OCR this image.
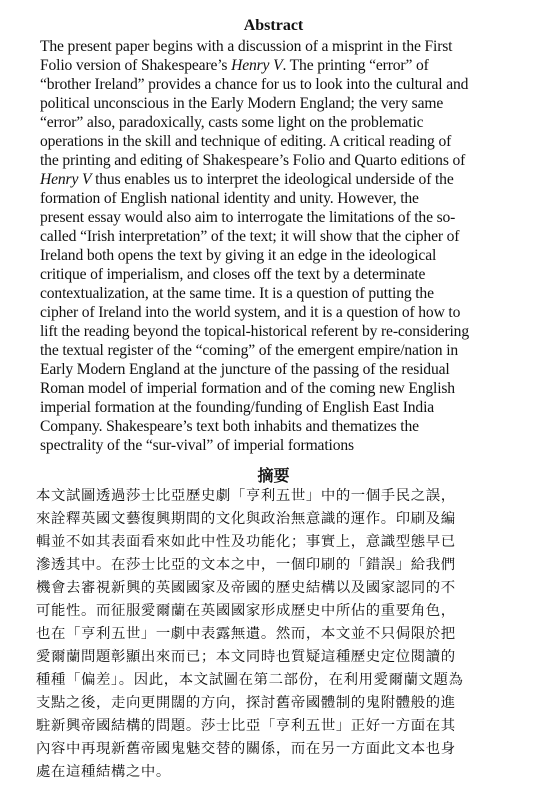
Abstract
The present paper begins with a discussion of a misprint in the First
Folio version of Shakespeare’s Henry V. The printing “error” of
“brother Ireland” provides a chance for us to look into the cultural and
political unconscious in the Early Modern England; the very same
“error” also, paradoxically, casts some light on the problematic
operations in the skill and technique of editing. A critical reading of
the printing and editing of Shakespeare’s Folio and Quarto editions of
Henry V thus enables us to interpret the ideological underside of the
formation of English national identity and unity. However, the
present essay would also aim to interrogate the limitations of the so-
called “Irish interpretation” of the text; it will show that the cipher of
Ireland both opens the text by giving it an edge in the ideological
critique of imperialism, and closes off the text by a determinate
contextualization, at the same time. It is a question of putting the
cipher of Ireland into the world system, and it is a question of how to
lift the reading beyond the topical-historical referent by re-considering
the textual register of the “coming” of the emergent empire/nation in
Early Modern England at the juncture of the passing of the residual
Roman model of imperial formation and of the coming new English
imperial formation at the founding/funding of English East India
Company. Shakespeare’s text both inhabits and thematizes the
spectrality of the “sur-vival” of imperial formations
摘要
本文試圖透過莎士比亞歷史劇「亨利五世」中的一個手民之誤，
來詮釋英國文藝復興期間的文化與政治無意識的運作。印刷及編
輯並不如其表面看來如此中性及功能化；事實上，意識型態早已
滲透其中。在莎士比亞的文本之中，一個印刷的「錯誤」給我們
機會去審視新興的英國國家及帝國的歷史結構以及國家認同的不
可能性。而征服愛爾蘭在英國國家形成歷史中所佔的重要角色，
也在「亨利五世」一劇中表露無遺。然而，本文並不只侷限於把
愛爾蘭問題彰顯出來而已；本文同時也質疑這種歷史定位閱讀的
種種「偏差」。因此，本文試圖在第二部份，在利用愛爾蘭文題為
支點之後，走向更開闊的方向，探討舊帝國體制的鬼附體般的進
駐新興帝國結構的問題。莎士比亞「亨利五世」正好一方面在其
內容中再現新舊帝國鬼魅交替的關係，而在另一方面此文本也身
處在這種結構之中。
